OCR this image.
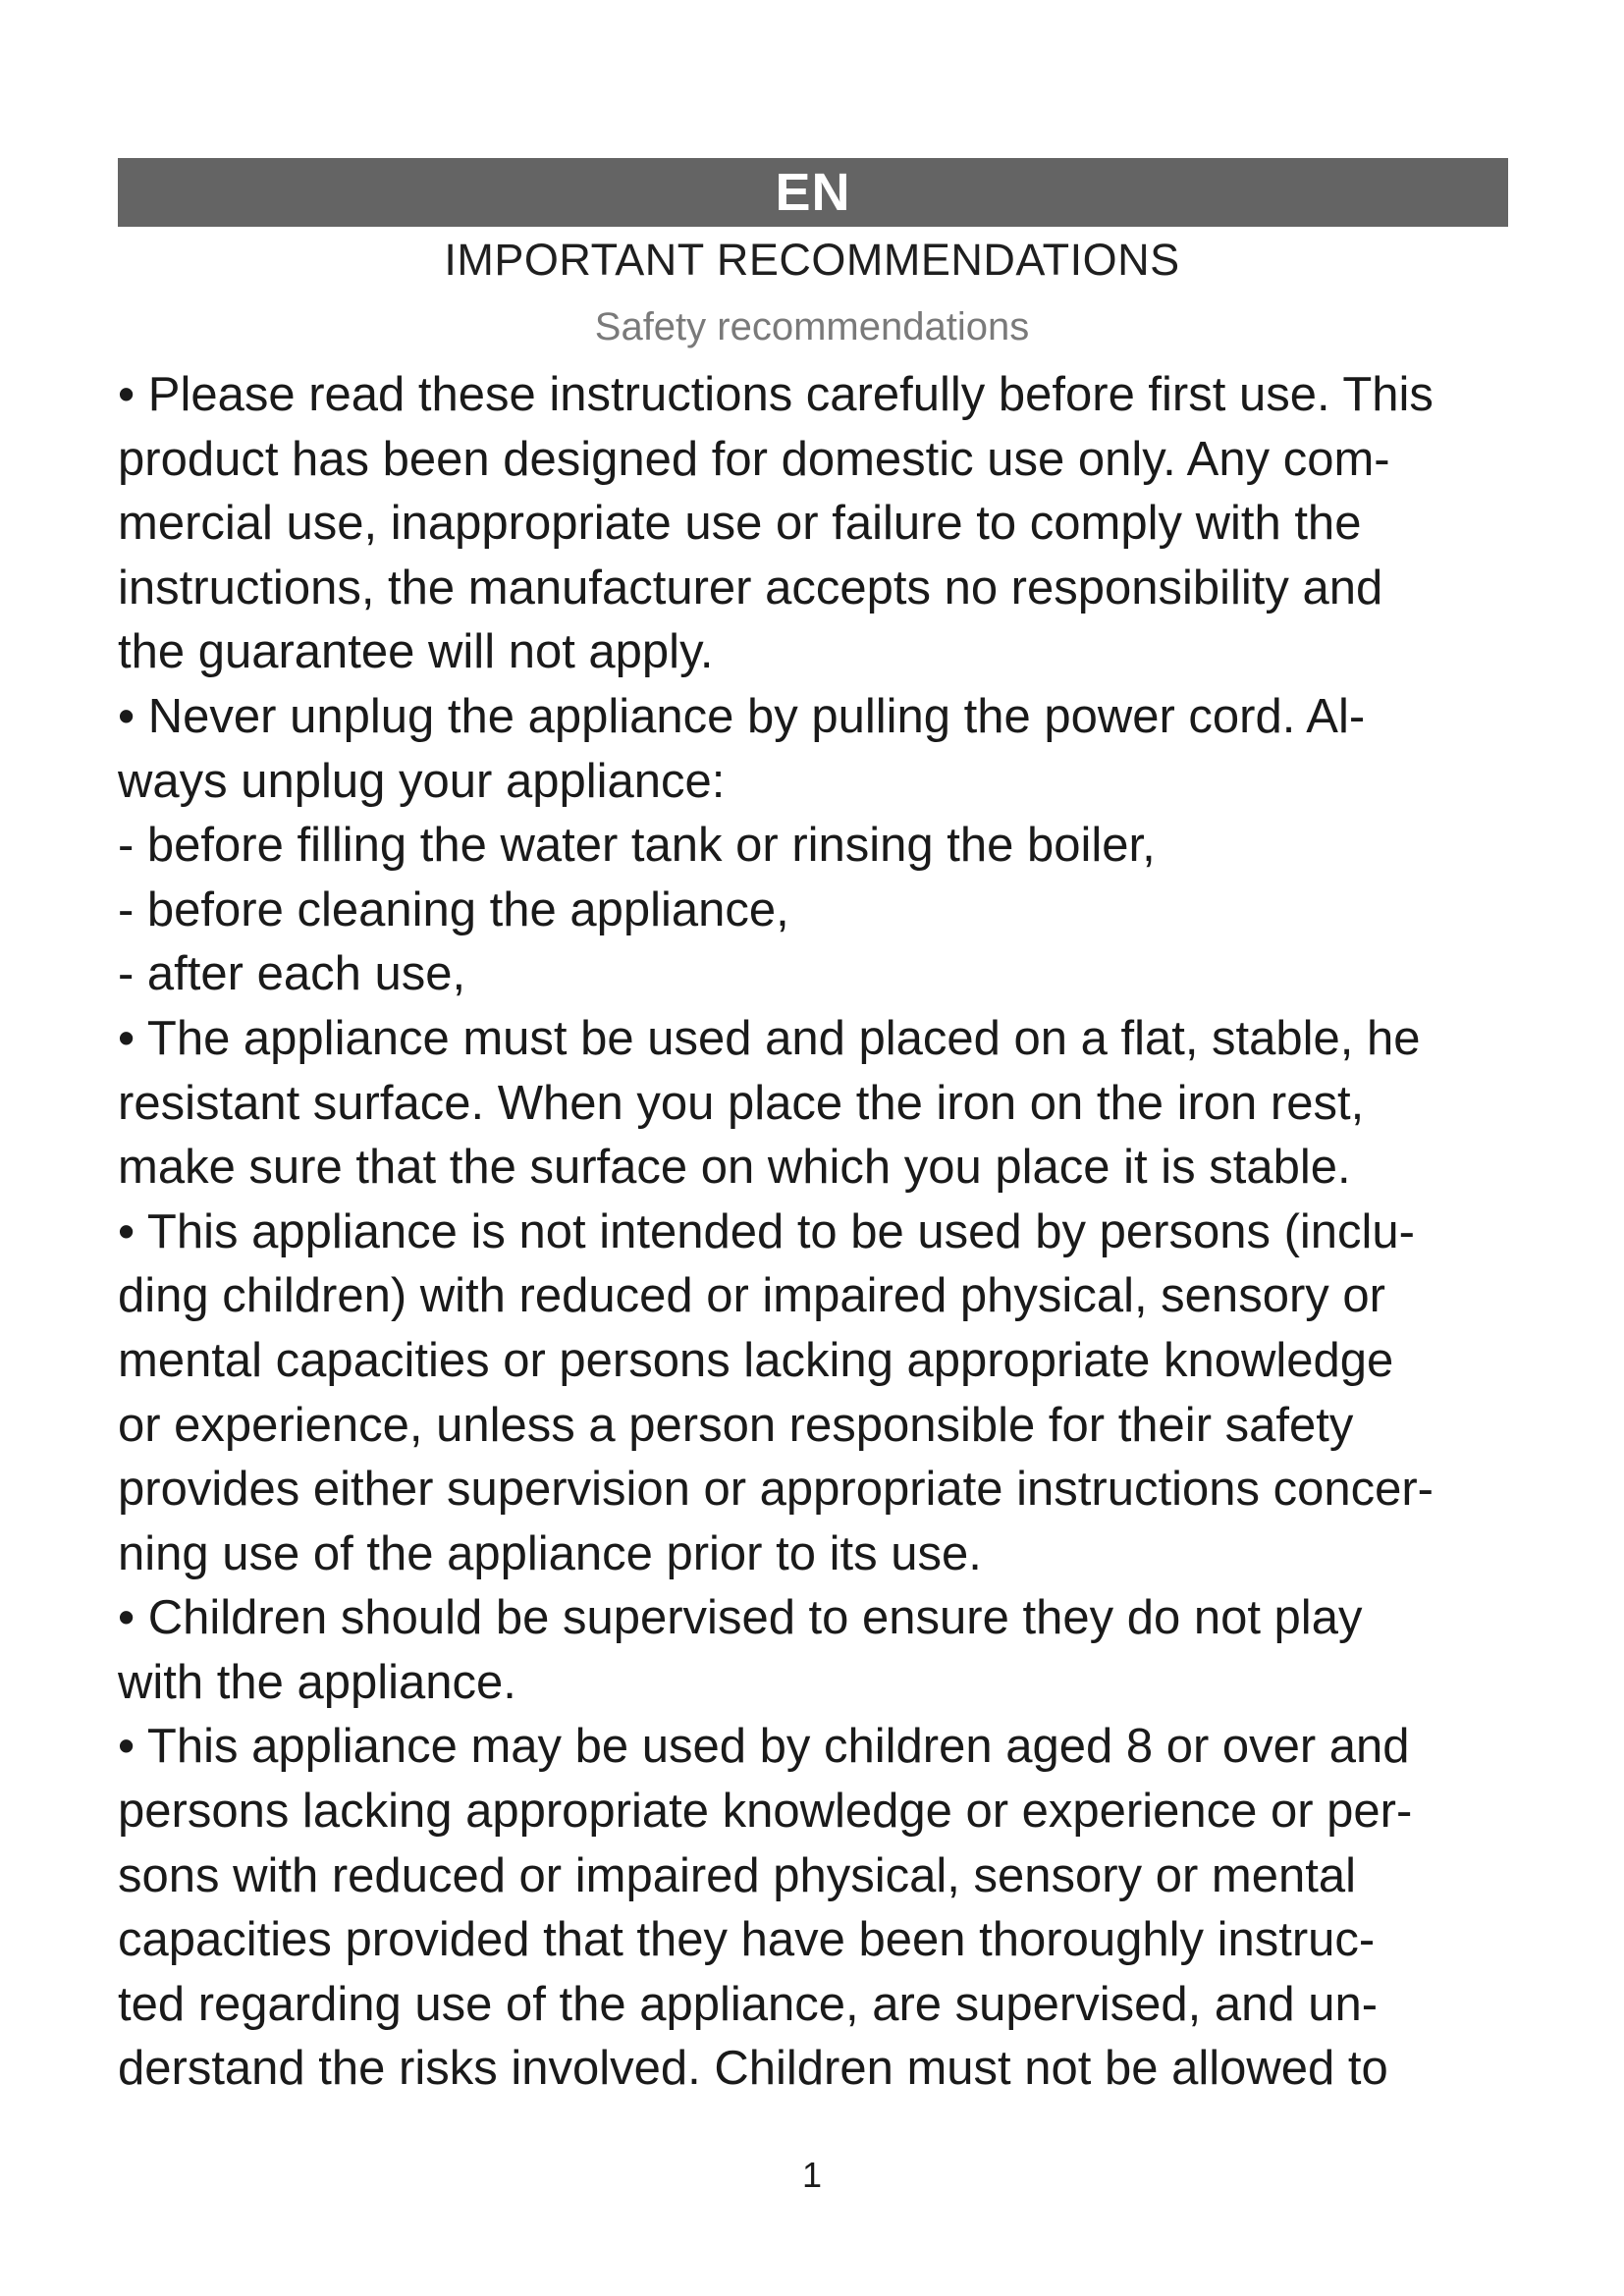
EN
IMPORTANT RECOMMENDATIONS
Safety recommendations
• Please read these instructions carefully before first use. This
product has been designed for domestic use only. Any com-
mercial use, inappropriate use or failure to comply with the
instructions, the manufacturer accepts no responsibility and
the guarantee will not apply.
• Never unplug the appliance by pulling the power cord. Al-
ways unplug your appliance:
- before filling the water tank or rinsing the boiler,
- before cleaning the appliance,
- after each use,
• The appliance must be used and placed on a flat, stable, he
resistant surface. When you place the iron on the iron rest,
make sure that the surface on which you place it is stable.
• This appliance is not intended to be used by persons (inclu-
ding children) with reduced or impaired physical, sensory or
mental capacities or persons lacking appropriate knowledge
or experience, unless a person responsible for their safety
provides either supervision or appropriate instructions concer-
ning use of the appliance prior to its use.
• Children should be supervised to ensure they do not play
with the appliance.
• This appliance may be used by children aged 8 or over and
persons lacking appropriate knowledge or experience or per-
sons with reduced or impaired physical, sensory or mental
capacities provided that they have been thoroughly instruc-
ted regarding use of the appliance, are supervised, and un-
derstand the risks involved. Children must not be allowed to
1
